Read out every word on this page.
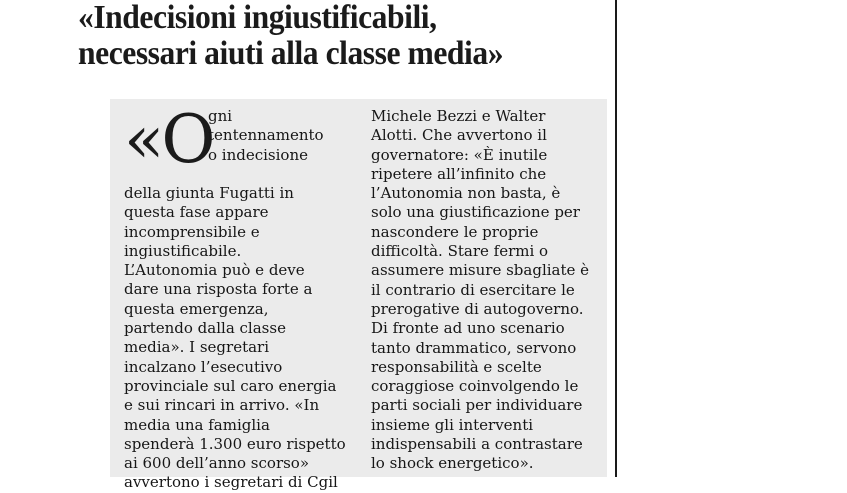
«Indecisioni ingiustificabili,
necessari aiuti alla classe media»
«O
gni
tentennamento
o indecisione
della giunta Fugatti in
questa fase appare
incomprensibile e
ingiustificabile.
L’Autonomia può e deve
dare una risposta forte a
questa emergenza,
partendo dalla classe
media». I segretari
incalzano l’esecutivo
provinciale sul caro energia
e sui rincari in arrivo. «In
media una famiglia
spenderà 1.300 euro rispetto
ai 600 dell’anno scorso»
avvertono i segretari di Cgil
Michele Bezzi e Walter
Alotti. Che avvertono il
governatore: «È inutile
ripetere all’infinito che
l’Autonomia non basta, è
solo una giustificazione per
nascondere le proprie
difficoltà. Stare fermi o
assumere misure sbagliate è
il contrario di esercitare le
prerogative di autogoverno.
Di fronte ad uno scenario
tanto drammatico, servono
responsabilità e scelte
coraggiose coinvolgendo le
parti sociali per individuare
insieme gli interventi
indispensabili a contrastare
lo shock energetico».
